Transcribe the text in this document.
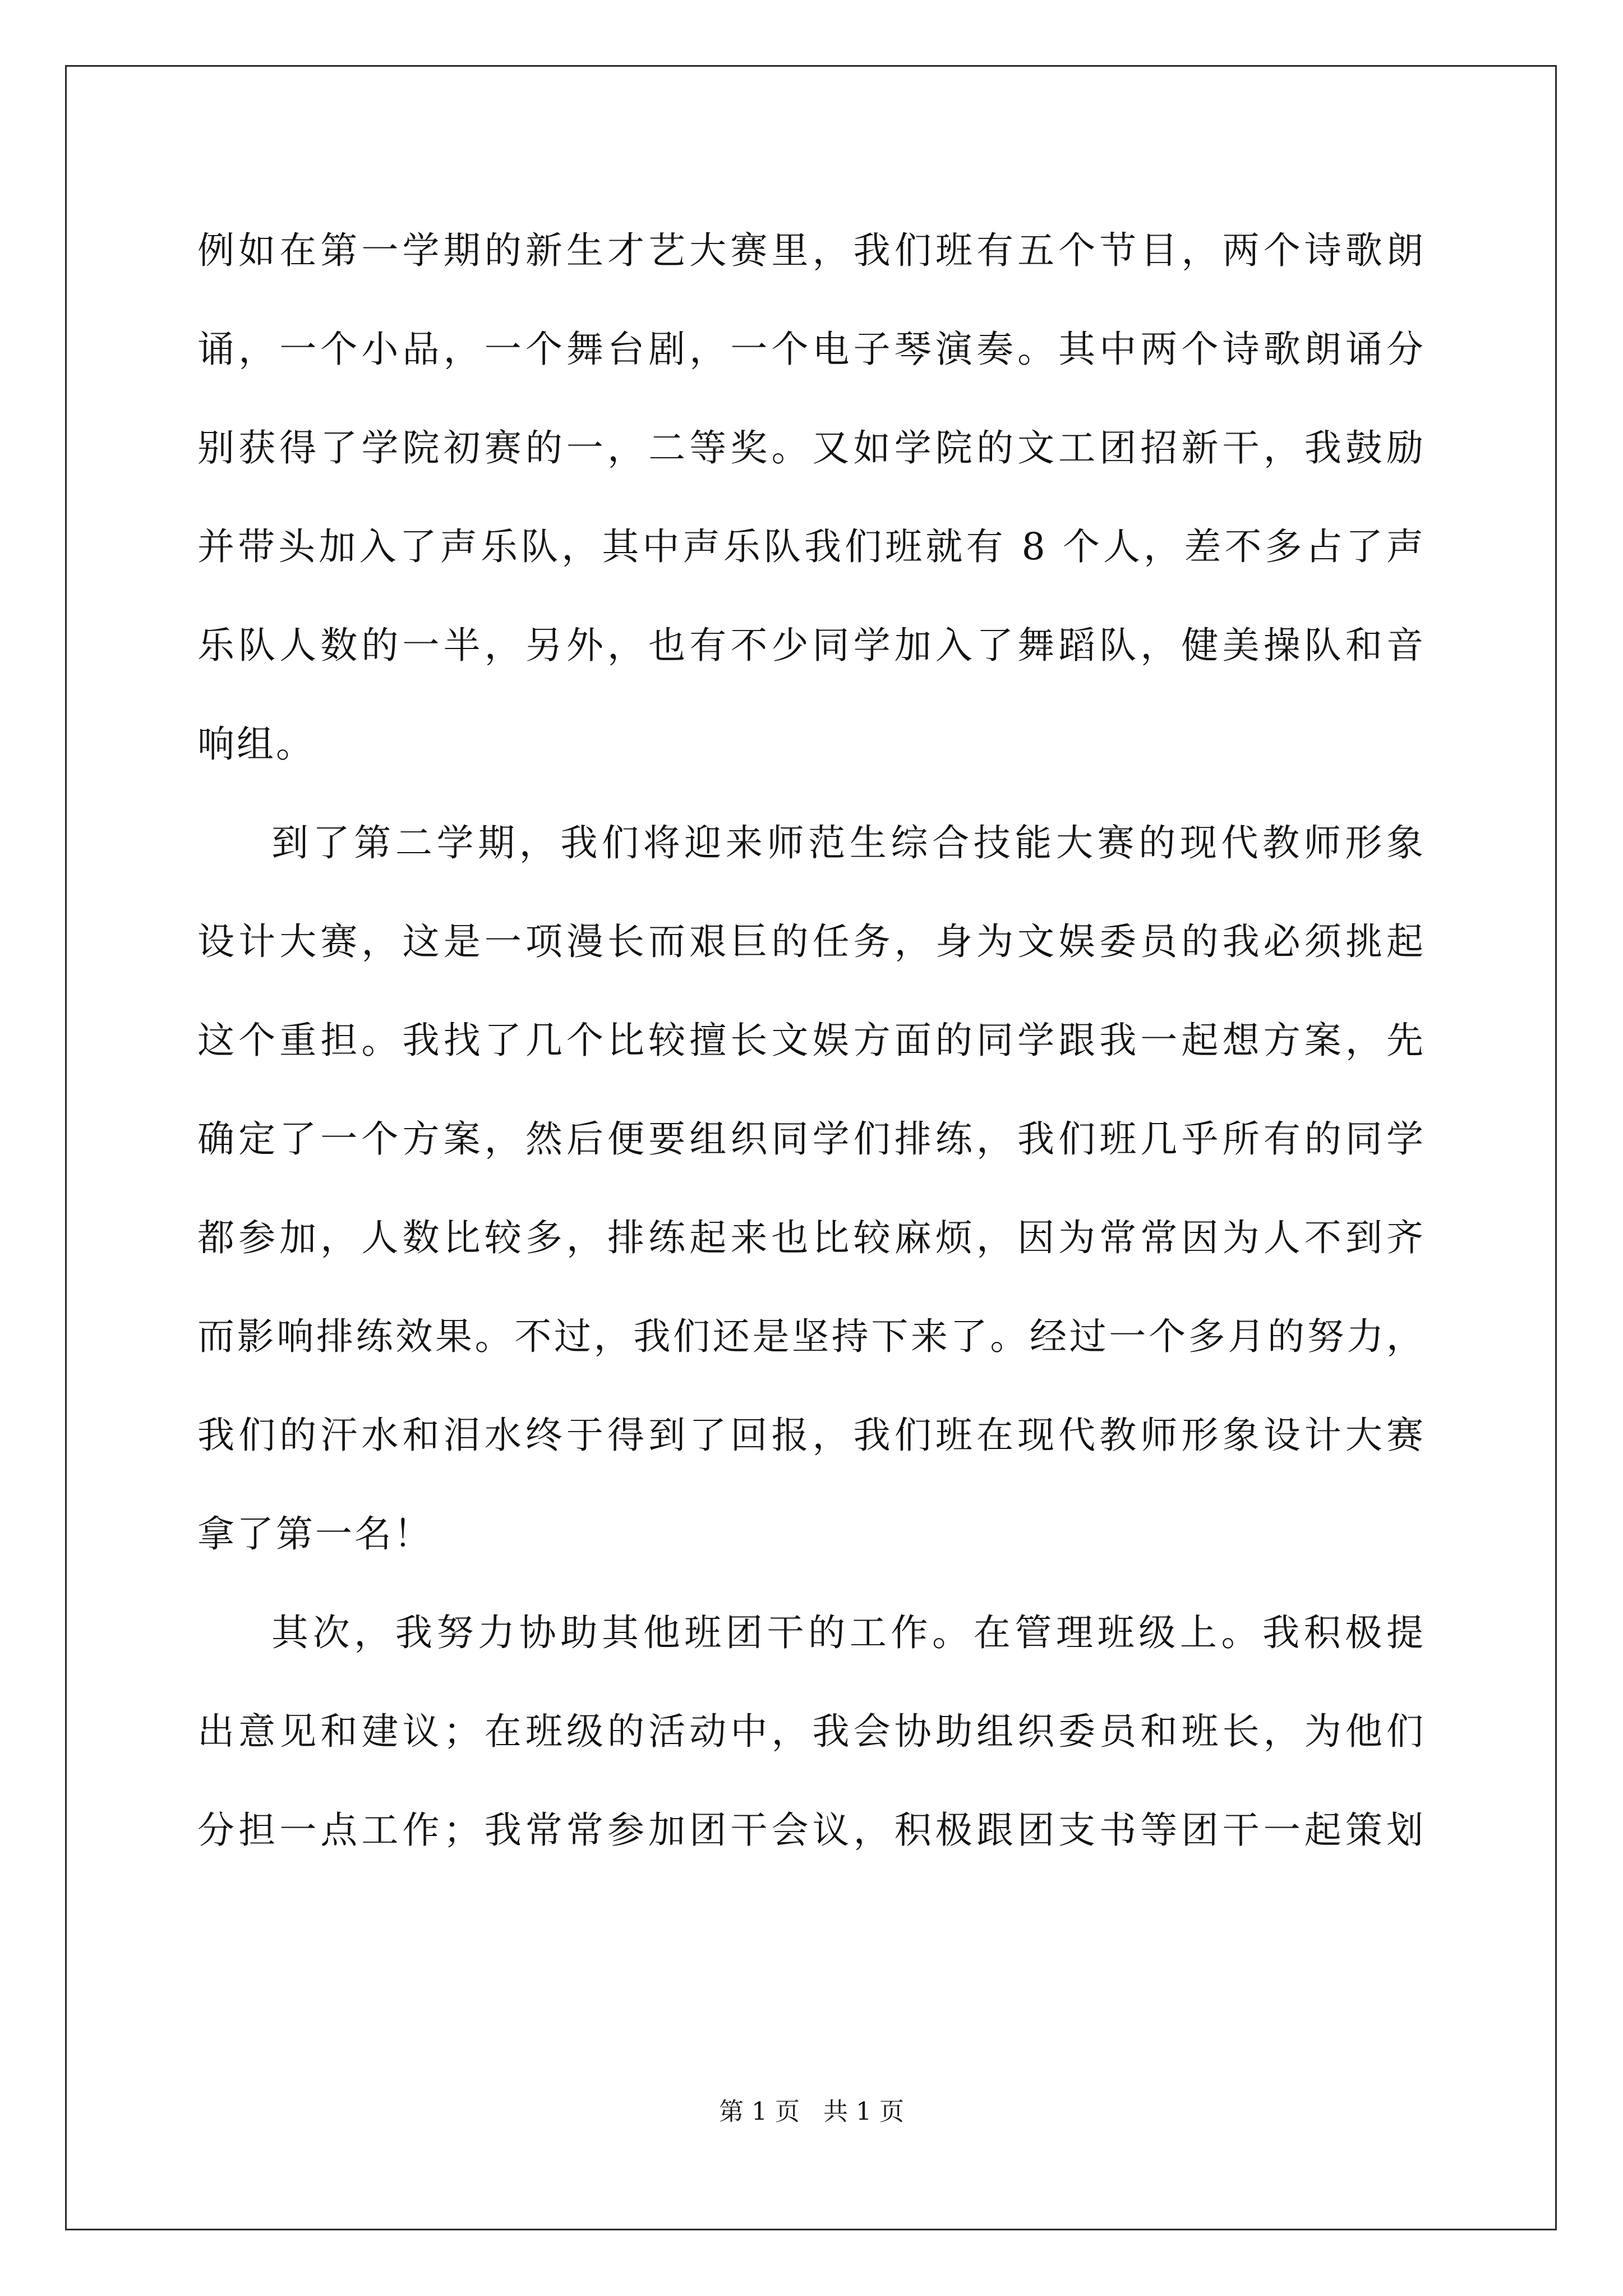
例如在第一学期的新生才艺大赛里，我们班有五个节目，两个诗歌朗
诵，一个小品，一个舞台剧，一个电子琴演奏。其中两个诗歌朗诵分
别获得了学院初赛的一，二等奖。又如学院的文工团招新干，我鼓励
并带头加入了声乐队，其中声乐队我们班就有 8 个人，差不多占了声
乐队人数的一半，另外，也有不少同学加入了舞蹈队，健美操队和音
响组。
到了第二学期，我们将迎来师范生综合技能大赛的现代教师形象
设计大赛，这是一项漫长而艰巨的任务，身为文娱委员的我必须挑起
这个重担。我找了几个比较擅长文娱方面的同学跟我一起想方案，先
确定了一个方案，然后便要组织同学们排练，我们班几乎所有的同学
都参加，人数比较多，排练起来也比较麻烦，因为常常因为人不到齐
而影响排练效果。不过，我们还是坚持下来了。经过一个多月的努力，
我们的汗水和泪水终于得到了回报，我们班在现代教师形象设计大赛
拿了第一名！
其次，我努力协助其他班团干的工作。在管理班级上。我积极提
出意见和建议；在班级的活动中，我会协助组织委员和班长，为他们
分担一点工作；我常常参加团干会议，积极跟团支书等团干一起策划
第 1 页   共 1 页
